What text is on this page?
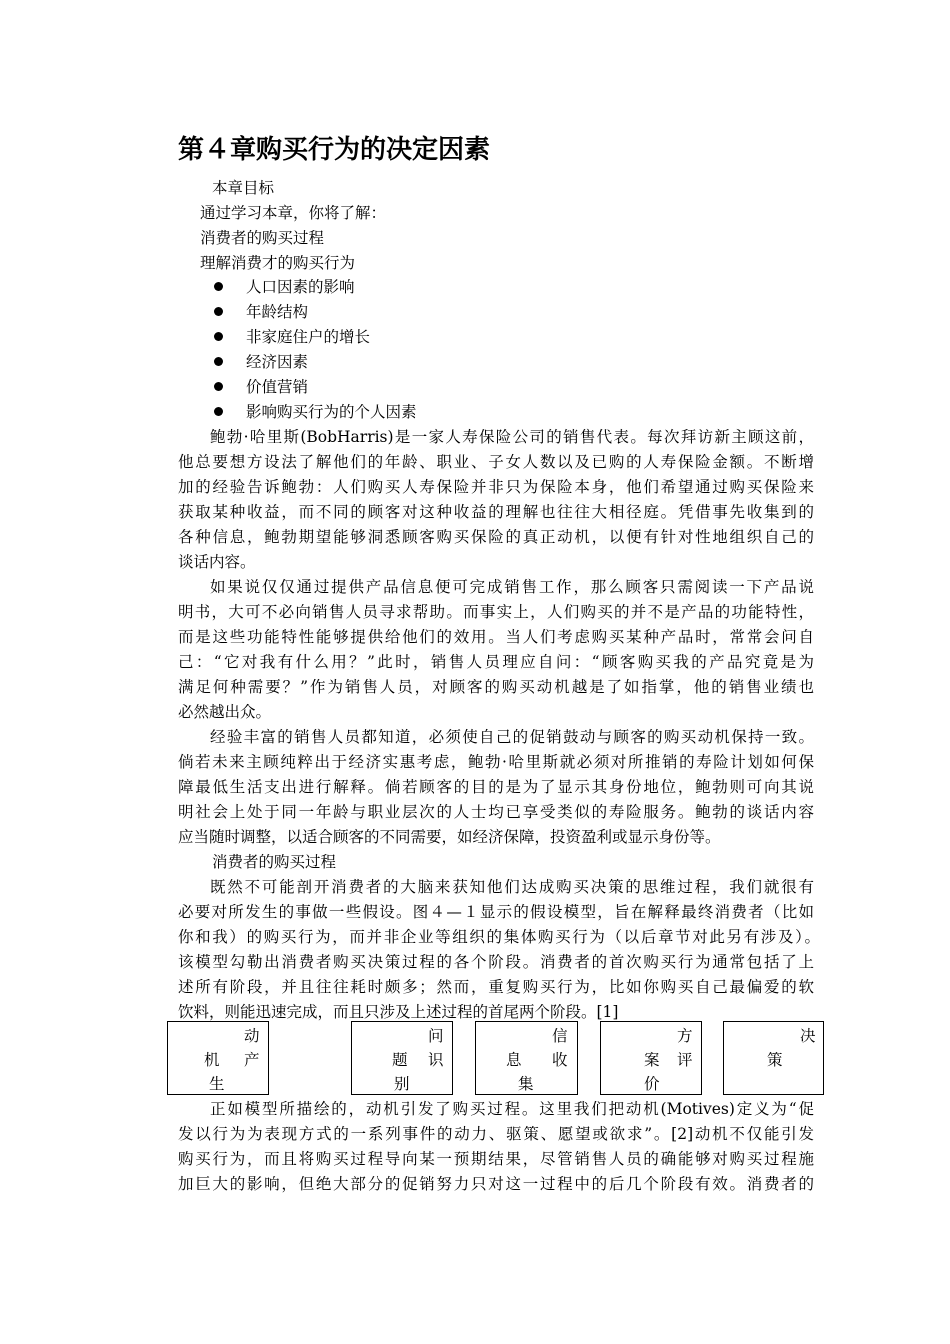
第４章购买行为的决定因素
本章目标
通过学习本章，你将了解：
消费者的购买过程
理解消费才的购买行为
人口因素的影响
年龄结构
非家庭住户的增长
经济因素
价值营销
影响购买行为的个人因素
鲍勃·哈里斯(BobHarris)是一家人寿保险公司的销售代表。每次拜访新主顾这前，
他总要想方设法了解他们的年龄、职业、子女人数以及已购的人寿保险金额。不断增
加的经验告诉鲍勃：人们购买人寿保险并非只为保险本身，他们希望通过购买保险来
获取某种收益，而不同的顾客对这种收益的理解也往往大相径庭。凭借事先收集到的
各种信息，鲍勃期望能够洞悉顾客购买保险的真正动机，以便有针对性地组织自己的
谈话内容。
如果说仅仅通过提供产品信息便可完成销售工作，那么顾客只需阅读一下产品说
明书，大可不必向销售人员寻求帮助。而事实上，人们购买的并不是产品的功能特性，
而是这些功能特性能够提供给他们的效用。当人们考虑购买某种产品时，常常会问自
己：“它对我有什么用？”此时，销售人员理应自问：“顾客购买我的产品究竟是为
满足何种需要？”作为销售人员，对顾客的购买动机越是了如指掌，他的销售业绩也
必然越出众。
经验丰富的销售人员都知道，必须使自己的促销鼓动与顾客的购买动机保持一致。
倘若未来主顾纯粹出于经济实惠考虑，鲍勃·哈里斯就必须对所推销的寿险计划如何保
障最低生活支出进行解释。倘若顾客的目的是为了显示其身份地位，鲍勃则可向其说
明社会上处于同一年龄与职业层次的人士均已享受类似的寿险服务。鲍勃的谈话内容
应当随时调整，以适合顾客的不同需要，如经济保障，投资盈利或显示身份等。
消费者的购买过程
既然不可能剖开消费者的大脑来获知他们达成购买决策的思维过程，我们就很有
必要对所发生的事做一些假设。图４—１显示的假设模型，旨在解释最终消费者（比如
你和我）的购买行为，而并非企业等组织的集体购买行为（以后章节对此另有涉及）。
该模型勾勒出消费者购买决策过程的各个阶段。消费者的首次购买行为通常包括了上
述所有阶段，并且往往耗时颇多；然而，重复购买行为，比如你购买自己最偏爱的软
饮料，则能迅速完成，而且只涉及上述过程的首尾两个阶段。[1]
动
机 产
生
问
题 识
别
信
息 收
集
方
案 评
价
决
策
正如模型所描绘的，动机引发了购买过程。这里我们把动机(Motives)定义为“促
发以行为为表现方式的一系列事件的动力、驱策、愿望或欲求”。[2]动机不仅能引发
购买行为，而且将购买过程导向某一预期结果，尽管销售人员的确能够对购买过程施
加巨大的影响，但绝大部分的促销努力只对这一过程中的后几个阶段有效。消费者的
